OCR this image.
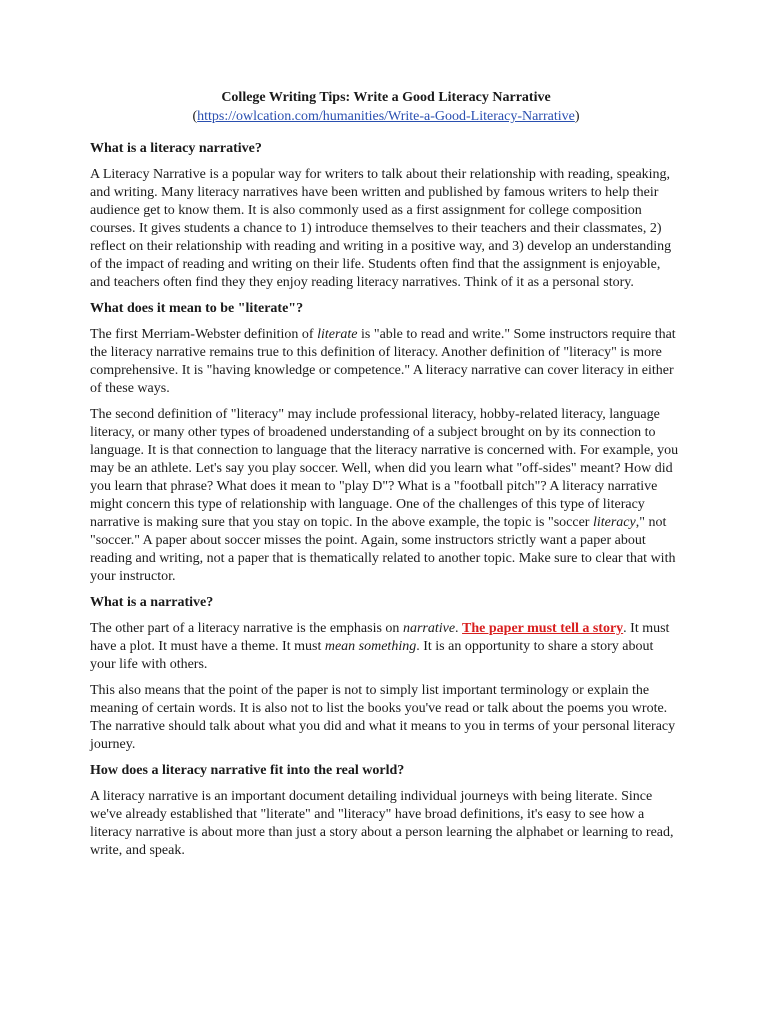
College Writing Tips: Write a Good Literacy Narrative
(https://owlcation.com/humanities/Write-a-Good-Literacy-Narrative)
What is a literacy narrative?

A Literacy Narrative is a popular way for writers to talk about their relationship with reading, speaking, and writing. Many literacy narratives have been written and published by famous writers to help their audience get to know them. It is also commonly used as a first assignment for college composition courses. It gives students a chance to 1) introduce themselves to their teachers and their classmates, 2) reflect on their relationship with reading and writing in a positive way, and 3) develop an understanding of the impact of reading and writing on their life. Students often find that the assignment is enjoyable, and teachers often find they they enjoy reading literacy narratives. Think of it as a personal story.

What does it mean to be "literate"?

The first Merriam-Webster definition of literate is "able to read and write." Some instructors require that the literacy narrative remains true to this definition of literacy. Another definition of "literacy" is more comprehensive. It is "having knowledge or competence." A literacy narrative can cover literacy in either of these ways.

The second definition of "literacy" may include professional literacy, hobby-related literacy, language literacy, or many other types of broadened understanding of a subject brought on by its connection to language. It is that connection to language that the literacy narrative is concerned with. For example, you may be an athlete. Let's say you play soccer. Well, when did you learn what "off-sides" meant? How did you learn that phrase? What does it mean to "play D"? What is a "football pitch"? A literacy narrative might concern this type of relationship with language. One of the challenges of this type of literacy narrative is making sure that you stay on topic. In the above example, the topic is "soccer literacy," not "soccer." A paper about soccer misses the point. Again, some instructors strictly want a paper about reading and writing, not a paper that is thematically related to another topic. Make sure to clear that with your instructor.

What is a narrative?

The other part of a literacy narrative is the emphasis on narrative. The paper must tell a story. It must have a plot. It must have a theme. It must mean something. It is an opportunity to share a story about your life with others.

This also means that the point of the paper is not to simply list important terminology or explain the meaning of certain words. It is also not to list the books you've read or talk about the poems you wrote. The narrative should talk about what you did and what it means to you in terms of your personal literacy journey.

How does a literacy narrative fit into the real world?

A literacy narrative is an important document detailing individual journeys with being literate. Since we've already established that "literate" and "literacy" have broad definitions, it's easy to see how a literacy narrative is about more than just a story about a person learning the alphabet or learning to read, write, and speak.
